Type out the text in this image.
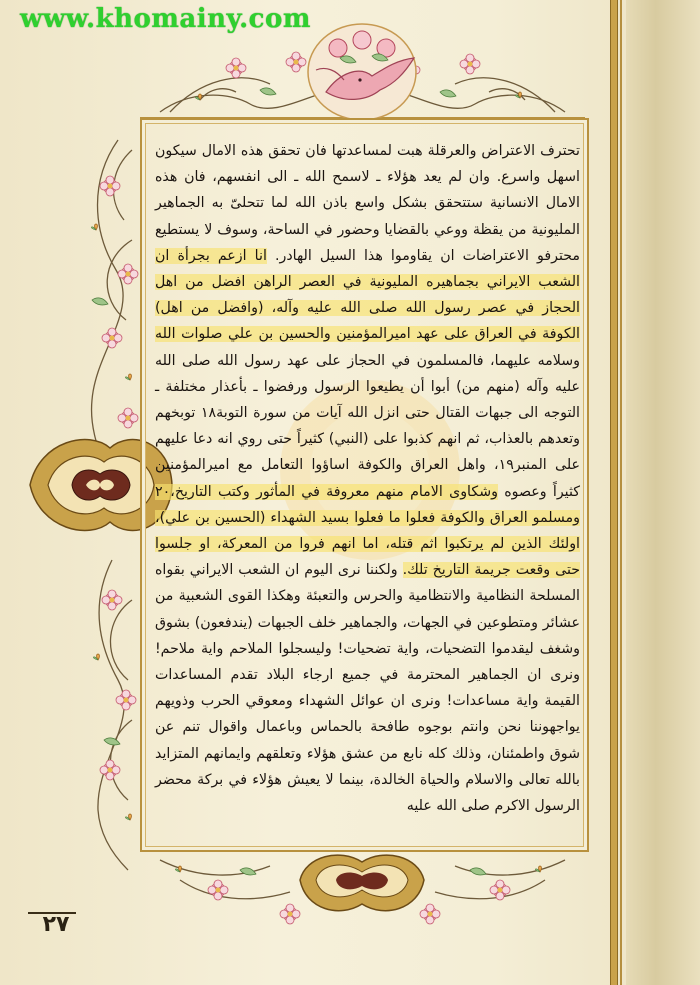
www.khomainy.com

تحترف الاعتراض والعرقلة هبت لمساعدتها فان تحقق هذه الامال سيكون اسهل واسرع. وان لم يعد هؤلاء ـ لاسمح الله ـ الى انفسهم، فان هذه الامال الانسانية ستتحقق بشكل واسع باذن الله لما تتحلىّ به الجماهير المليونية من يقظة ووعي بالقضايا وحضور في الساحة، وسوف لا يستطيع محترفو الاعتراضات ان يقاوموا هذا السيل الهادر. انا ازعم بجرأة ان الشعب الايراني بجماهيره المليونية في العصر الراهن افضل من اهل الحجاز في عصر رسول الله صلى الله عليه وآله، (وافضل من اهل) الكوفة في العراق على عهد اميرالمؤمنين والحسين بن علي صلوات الله وسلامه عليهما، فالمسلمون في الحجاز على عهد رسول الله صلى الله عليه وآله (منهم من) أبوا أن يطيعوا الرسول ورفضوا ـ بأعذار مختلفة ـ التوجه الى جبهات القتال حتى انزل الله آيات من سورة التوبة١٨ توبخهم وتعدهم بالعذاب، ثم انهم كذبوا على (النبي) كثيراً حتى روي انه دعا عليهم على المنبر١٩، واهل العراق والكوفة اساؤوا التعامل مع اميرالمؤمنين كثيراً وعصوه وشكاوى الامام منهم معروفة في المأثور وكتب التاريخ،٢٠ ومسلمو العراق والكوفة فعلوا ما فعلوا بسيد الشهداء (الحسين بن علي)، اولئك الذين لم يرتكبوا اثم قتله، اما انهم فروا من المعركة، او جلسوا حتى وقعت جريمة التاريخ تلك. ولكننا نرى اليوم ان الشعب الايراني بقواه المسلحة النظامية والانتظامية والحرس والتعبئة وهكذا القوى الشعبية من عشائر ومتطوعين في الجهات، والجماهير خلف الجبهات (يندفعون) بشوق وشغف ليقدموا التضحيات، واية تضحيات! وليسجلوا الملاحم واية ملاحم! ونرى ان الجماهير المحترمة في جميع ارجاء البلاد تقدم المساعدات القيمة واية مساعدات! ونرى ان عوائل الشهداء ومعوقي الحرب وذويهم يواجهوننا نحن وانتم بوجوه طافحة بالحماس وباعمال واقوال تنم عن شوق واطمئنان، وذلك كله نابع من عشق هؤلاء وتعلقهم وايمانهم المتزايد بالله تعالى والاسلام والحياة الخالدة، بينما لا يعيش هؤلاء في بركة محضر الرسول الاكرم صلى الله عليه

٢٧
